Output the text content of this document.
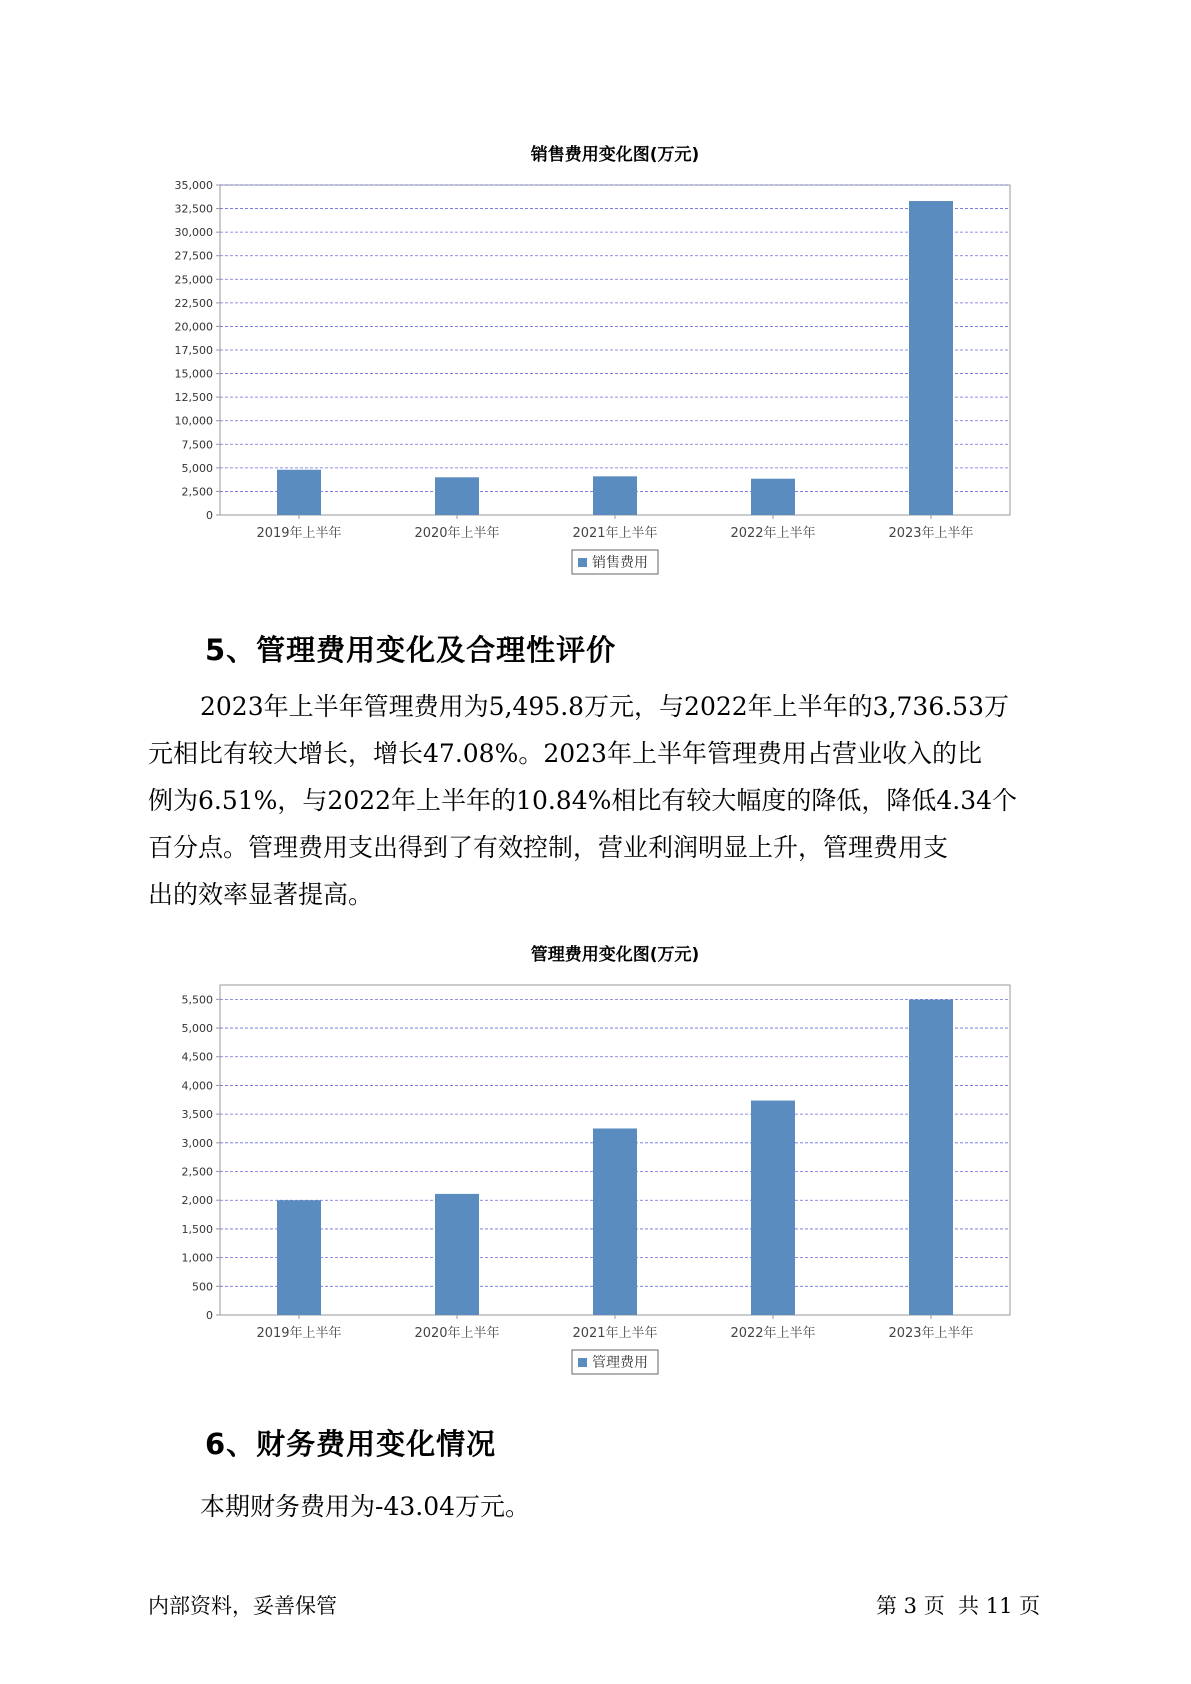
销售费用变化图(万元)
0
2,500
5,000
7,500
10,000
12,500
15,000
17,500
20,000
22,500
25,000
27,500
30,000
32,500
35,000
2019年上半年	2020年上半年	2021年上半年	2022年上半年	2023年上半年
销售费用
5、管理费用变化及合理性评价
2023年上半年管理费用为5,495.8万元，与2022年上半年的3,736.53万
元相比有较大增长，增长47.08%。2023年上半年管理费用占营业收入的比
例为6.51%，与2022年上半年的10.84%相比有较大幅度的降低，降低4.34个
百分点。管理费用支出得到了有效控制，营业利润明显上升，管理费用支
出的效率显著提高。
管理费用变化图(万元)
0
500
1,000
1,500
2,000
2,500
3,000
3,500
4,000
4,500
5,000
5,500
2019年上半年	2020年上半年	2021年上半年	2022年上半年	2023年上半年
管理费用
6、财务费用变化情况
本期财务费用为-43.04万元。
内部资料，妥善保管	第 3 页  共 11 页
